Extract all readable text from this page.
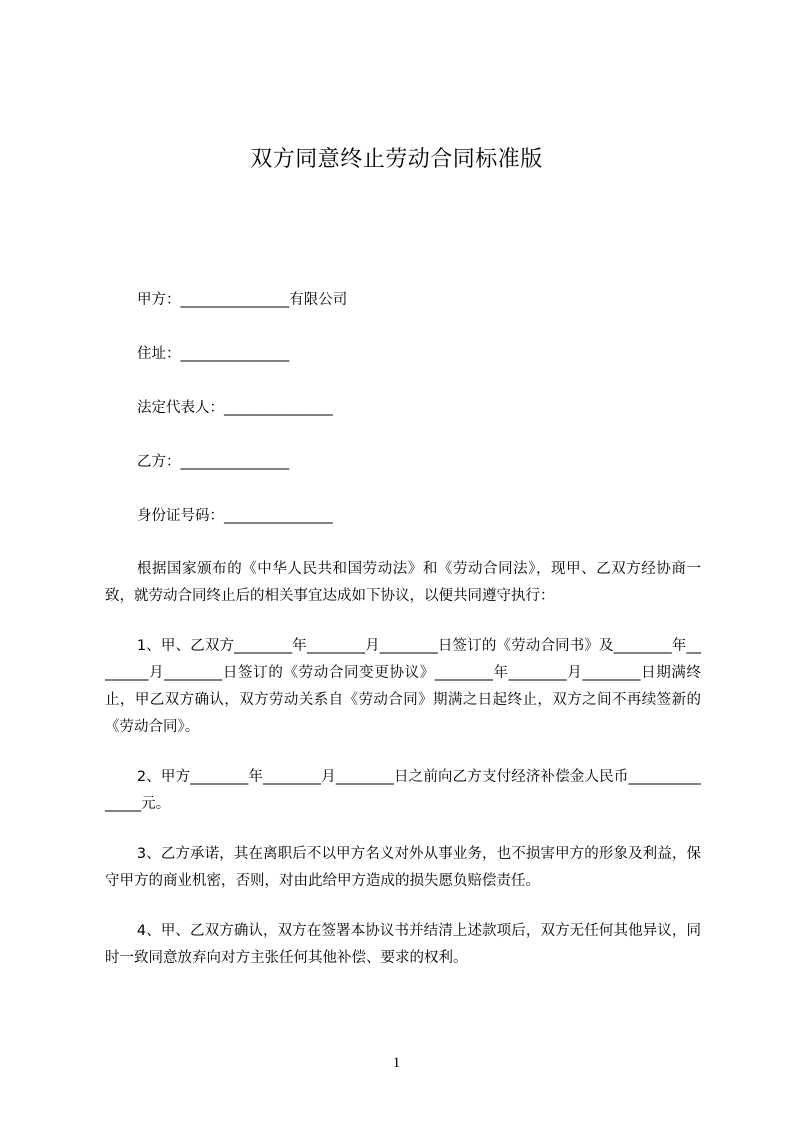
双方同意终止劳动合同标准版
甲方：_______________有限公司
住址：_______________
法定代表人：_______________
乙方：_______________
身份证号码：_______________

根据国家颁布的《中华人民共和国劳动法》和《劳动合同法》，现甲、乙双方经协商一致，就劳动合同终止后的相关事宜达成如下协议，以便共同遵守执行：

1、甲、乙双方________年________月________日签订的《劳动合同书》及________年________月________日签订的《劳动合同变更协议》________年________月________日期满终止，甲乙双方确认，双方劳动关系自《劳动合同》期满之日起终止，双方之间不再续签新的《劳动合同》。

2、甲方________年________月________日之前向乙方支付经济补偿金人民币_______________元。

3、乙方承诺，其在离职后不以甲方名义对外从事业务，也不损害甲方的形象及利益，保守甲方的商业机密，否则，对由此给甲方造成的损失愿负赔偿责任。

4、甲、乙双方确认，双方在签署本协议书并结清上述款项后，双方无任何其他异议，同时一致同意放弃向对方主张任何其他补偿、要求的权利。

1
